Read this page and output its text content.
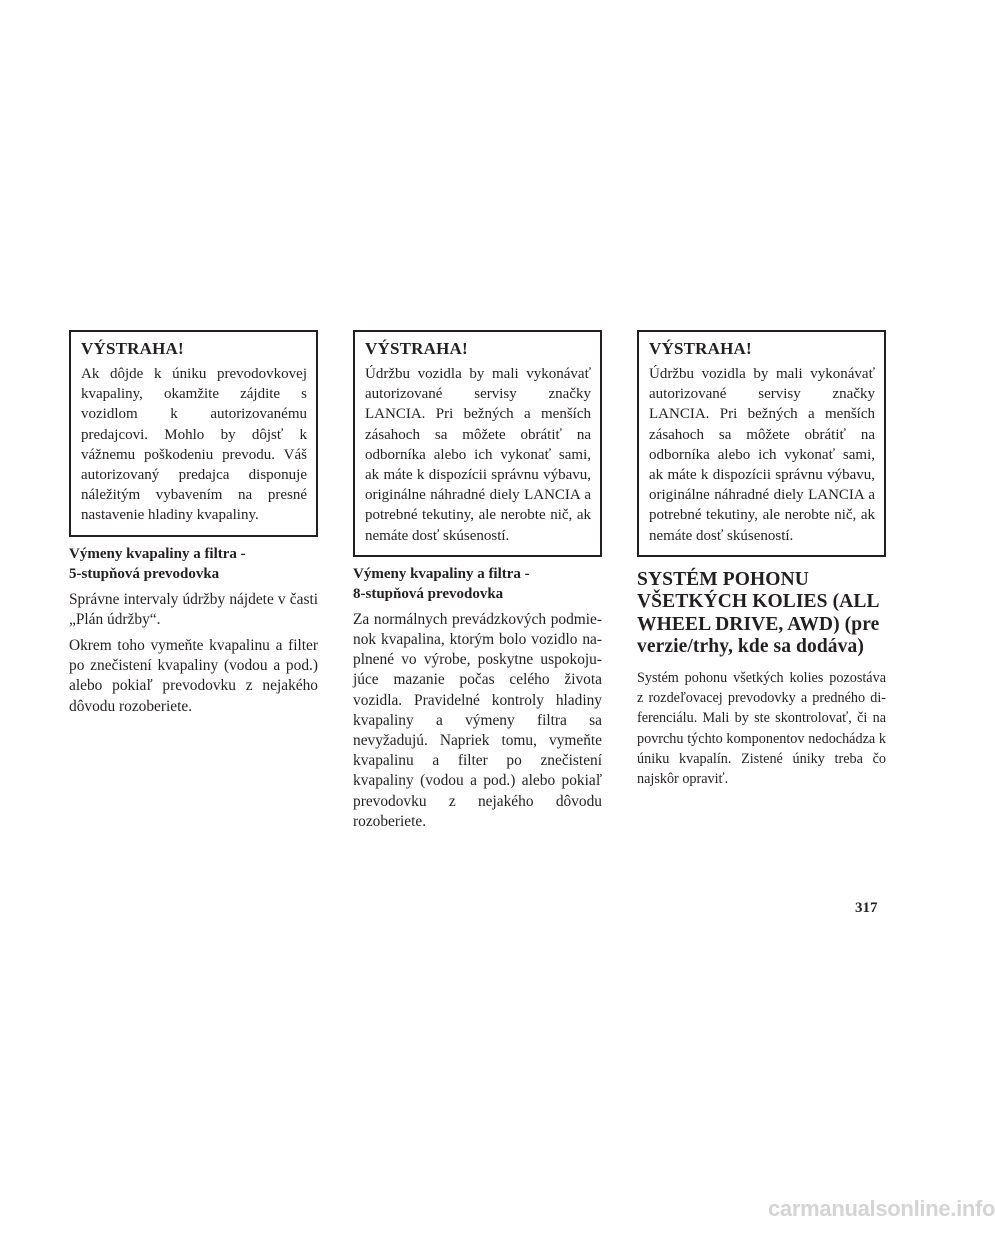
VÝSTRAHA!

Ak dôjde k úniku prevodovkovej kvapaliny, okamžite zájdite s vozidlom k autorizovanému predajcovi. Mohlo by dôjsť k vážnemu poškodeniu prevodu. Váš autorizovaný predajca disponuje náležitým vybavením na presné nastavenie hladiny kvapaliny.

Výmeny kvapaliny a filtra -
5-stupňová prevodovka

Správne intervaly údržby nájdete v časti „Plán údržby“.

Okrem toho vymeňte kvapalinu a filter po znečistení kvapaliny (vodou a pod.) alebo pokiaľ prevodovku z nejakého dôvodu rozoberiete.

VÝSTRAHA!

Údržbu vozidla by mali vykonávať autorizované servisy značky LANCIA. Pri bežných a menších zásahoch sa môžete obrátiť na odborníka alebo ich vykonať sami, ak máte k dispozícii správnu výbavu, originálne náhradné diely LANCIA a potrebné tekutiny, ale nerobte nič, ak nemáte dosť skúseností.

Výmeny kvapaliny a filtra -
8-stupňová prevodovka

Za normálnych prevádzkových podmienok kvapalina, ktorým bolo vozidlo naplnené vo výrobe, poskytne uspokojujúce mazanie počas celého života vozidla. Pravidelné kontroly hladiny kvapaliny a výmeny filtra sa nevyžadujú. Napriek tomu, vymeňte kvapalinu a filter po znečistení kvapaliny (vodou a pod.) alebo pokiaľ prevodovku z nejakého dôvodu rozoberiete.

VÝSTRAHA!

Údržbu vozidla by mali vykonávať autorizované servisy značky LANCIA. Pri bežných a menších zásahoch sa môžete obrátiť na odborníka alebo ich vykonať sami, ak máte k dispozícii správnu výbavu, originálne náhradné diely LANCIA a potrebné tekutiny, ale nerobte nič, ak nemáte dosť skúseností.

SYSTÉM POHONU VŠETKÝCH KOLIES (ALL WHEEL DRIVE, AWD) (pre verzie/trhy, kde sa dodáva)

Systém pohonu všetkých kolies pozostáva z rozdeľovacej prevodovky a predného diferenciálu. Mali by ste skontrolovať, či na povrchu týchto komponentov nedochádza k úniku kvapalín. Zistené úniky treba čo najskôr opraviť.

317
carmanualsonline.info
